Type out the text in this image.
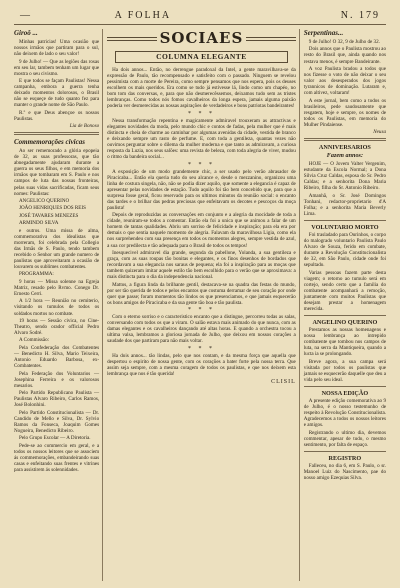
—	A FOLHA
	N. 179
Giroô ...

Minhas patricias! Uma ocasião que nossos irmãos que partiram para o sul, não deixem de lado o seu valor!

9 de Julho! — Que as legiões das rosas em seu lar, tambem tenham um lugar que mostra o seu civismo.

E que todos se façam Paulistas! Nessa campanha, embora a guerra tenha deixado momentos dolorosos, o Brasil não se esqueçe de tudo quanto fez para manter o grande nome de São Paulo.

R.º e que Deus abençoe os nossos Paulistas.

Lia de Bonoso
Commemorações civicas

Ao ser rememorado a glória epopeia de 32, as suas professoras, que tão abnegadamente ajudaram durante a guerra os seus filhos, e em memoria dos irmãos que tombaram em S. Paulo e nos campos de luta das nossas fronteiras, pelas suas vidas sacrificadas, ficam seus nomes: Paulistas:

ANGELICO QUERINO

JOÃO HENRIQUES DOS REIS

JOSÉ TAVARES MENEZES

ARMINDO SILVA

e outros. Uma missa de alma, commemorativa dos idealistas que morreram, foi celebrada pela Collegio das Irmãs de S. Paulo, tendo tambem recebido o Senhor um grande numero de paulistas que aproveitaram a ocasião de louvarem os sublimes combatentes.

PROGRAMMA:

9 horas — Missa solenne na Egreja Matriz, resado pelo Rvmo. Conego Dr. Ernesto Cerri.

A 1/2 hora — Reunião no cemiterio, visitando os tumulos de todos os soldados mortos no combate.

19 horas — Sessão civica, no Cine-Theatro, sendo orador official Pedro Alvaro Sodré.

A Commissão:

Pela Confederação dos Combatentes — Benedicto H. Silva, Mario Teixeira, Antonio Eduardo Barbosa, ex-Combatentes.

Pela Federação dos Voluntarios — Josephina Ferreira e os valorosos mesarios.

Pelo Partido Republicano Paulista — Paulistas Alvaro Ribeiro, Carlos Ramos, José Bolonhini.

Pelo Partido Constitucionalista — Dr. Candido de Mello e Silva, Dr. Sylvio Ramos da Fonseca, Joaquim Gomes Nogueira, Benedicto Ribeiro.

Pelo Grupo Escolar — A Diretoria.

Pede-se ao commercio em geral, e a todos os nossos leitores que se associem ás commemorações, embandeirando suas casas e enfeitando suas frentes e vitrines para assistirem ás solennidades.

SOCIAES
COLUMNA ELEGANTE

Ha dois annos... Então, no derrengue paradoxal da Intel, a gente maravilhava-se da expressão de Paulo, tão recompensado e satisfeito com o passado. Ninguem se revelou pessimista com a morte de Pereira, como sempre pensamos que nos espera, pois os deuses escolhem os mais queridos. Era como se tudo já estivesse lá, lindo como um chapéo, no bom tom das conversas, e, para que não desmerecêssemos, deixamos tudo sem as tristes lembranças. Como todos nós fomos cavalheiros da longa espera, jamais alguma paixão poderia ver desmerecidas as nossas aspirações de verdadeiros e bons patriotas bandeirantes!

* * *

Nessa transformação repentina e magicamente admiravel trouxeram as attractivas e elegantes novidades da moda, pelo mundo chic e contos de fadas, pela mulher que é mais distincta e cheia de charme ao caminhar por algumas avenidas da cidade, vestida de branco e deixando sempre um rasto de perfume. E, com toda a gentileza, quantas vezes não ouvimos perguntar sobre o dilema da mulher moderna e que tanto as admiravam, a curiosa resposta da Luzia, nos seus salões: uma revista de beleza, com toda alegria de viver, mudou o ritmo da bandeira social...

* * *

A exposição de um modo grandemente chic, a ser usado pelo verão abrasador de Piracicaba... Então ela queria tudo do seu alcance e, desde o mezzanino, organizou uma linha de costura singela, não, não se podia dizer aquilo, que somente a elegancia é capaz de apresentar pelas novidades de estação. Tudo aquilo foi tão bem concebido que, para que a surpresa fosse geral, ficou reservado para os ultimos minutos da reunião social: o encanto das tardes e o brilhar das pedras preciosas que enfeitavam os decotes e pescoços da moça paulista!

Depois de reproduzidas as conversações em conjunto e a alegria da mocidade de toda a cidade, reuniram-se todos a comentar. Então ela foi a unica que se animou a falar de um homem de tantas qualidades. Abriu um sorriso de felicidade e inspiração; para ela era por demais o que sentia naquele momento de alegria. Falavam da maravilhosa Ligia, como ela nos surprehendeu com sua presença em todos os momentos alegres, sempre vestida de azul, a sua cor predilecta e tão adequada para o Brasil de todos os tempos!

Inesquecivel admiravel dia grande, segunda da pabellone, Yolanda, a sua gentileza e graça, com as suas roupas tão bonitas e elegantes, e os finos desenhos de bordados que recordavam a sua elegancia nos saraus de pequena; ela foi a inspiração para as moças que tambem quizeram imitar aquele estilo tão bem escolhido para o verão que se aproximava: a mais distincta para o dia da independencia nacional.

Mattos, a figura linda da brilhante gentil, destacava-se na quadra das festas do mundo, por ser tão querida de todos e pelos encantos que costuma derramar de seu coração por onde quer que passe; foram momentos tão lindos os que presenciamos, e que jamais esquecerão os bons amigos de Piracicaba e da sua gente tão boa e tão paulista.

* * *

Com o eterno sorriso e o caracteristico encanto que a distingue, percorreu todas as salas, conversando com todos os que a viram. O salão estava mais animado do que nunca, com as damas elegantes e os cavalheiros dançando até altas horas. E quando a orchestra tocou a ultima valsa, lembramos a gloriosa jornada de Julho, que deixou em nossos corações a saudade dos que partiram para não mais voltar.

* * *

Ha dois annos... tão lindas, pelo que nos contam, e da mesma força que aquella que despertou o espirito de nossa gente, com os corações a bater forte pela nossa terra. Que assim seja sempre, com a mesma coragem de todos os paulistas, e que nos deixem esta lembrança que nos é tão querida!

CLISIL
Serpentinas...

9 de Julho! O 32, 9 de Julho de 32.

Dois annos que o Paulista mostrou ao resto do Brasil que, ainda quando nos restava menos, é sempre Bandeirante.

A voz Paulista bradou a todos que nos fizesse o voto de não deixar o seu valor aos desesperados dos jogos tyrannicos de dominação. Lutaram e, com altivez, voltaram!

A este jornal, bem como a todos os brasileiros, pede saudosamente que resgatem, hoje e sempre, os nomes de todos os Paulistas, em memoria do Mulher Pindaiense.

Neusa
ANNIVERSARIOS
Fazem annos:

HOJE — O Jovem Valter Vergenim, estudante da Escola Normal; a Dona Silvia Cruz Caldas, esposa do Sr. Pedro Caldas; e a senhorita Dona Maria Ribeiro, filha do Sr. Antonio Ribeiro.

Amanhã, o Sr. José Domingos Tonhani, redactor-proprietario d'A Folha; e a senhorita Maria Beverly Lima.

VOLUNTARIO MORTO

Foi trasladado para Ourinhos, o corpo do malogrado voluntario Paulista Paulo Alvaro de Souza, ferido em combate, durante a Revolução Constitucionalista de 32, em São Paulo, cidade onde foi sepultado.

Varias pessoas fazem parte desta viagem; o retorno ao tumulo será em cortejo, sendo certo que a familia do combatente acompanhará a remoção, juntamente com muitos Paulistas que desejam prestar a homenagem merecida.

ANGELINO QUERINO

Prestamos as nossas homenagens e nossa lembrança ao intrepido combatente que tombou nos campos de luta, na serra da Mantiqueira, quando a lucta ia se prolongando.

Breve agora, a sua campa será visitada por todos os paulistas que jamais se esquecerão daquelle que deu a vida pelo seu ideal.

NOSSA EDIÇÃO

A presente edição comemorativa ao 9 de Julho, é o nosso testemunho de respeito à Revolução Constitucionalista. Agradecemos a todos os nossos leitores e amigos.

Registrando o ultimo dia, devemos commentar, apesar de tudo, o mesmo sentimento, por falta de espaço.

REGISTRO

Falleceu, no dia 6, em S. Paulo, o sr. Manoel Luiz do Nascimento, pae do nosso amigo Ezequias Silva.
